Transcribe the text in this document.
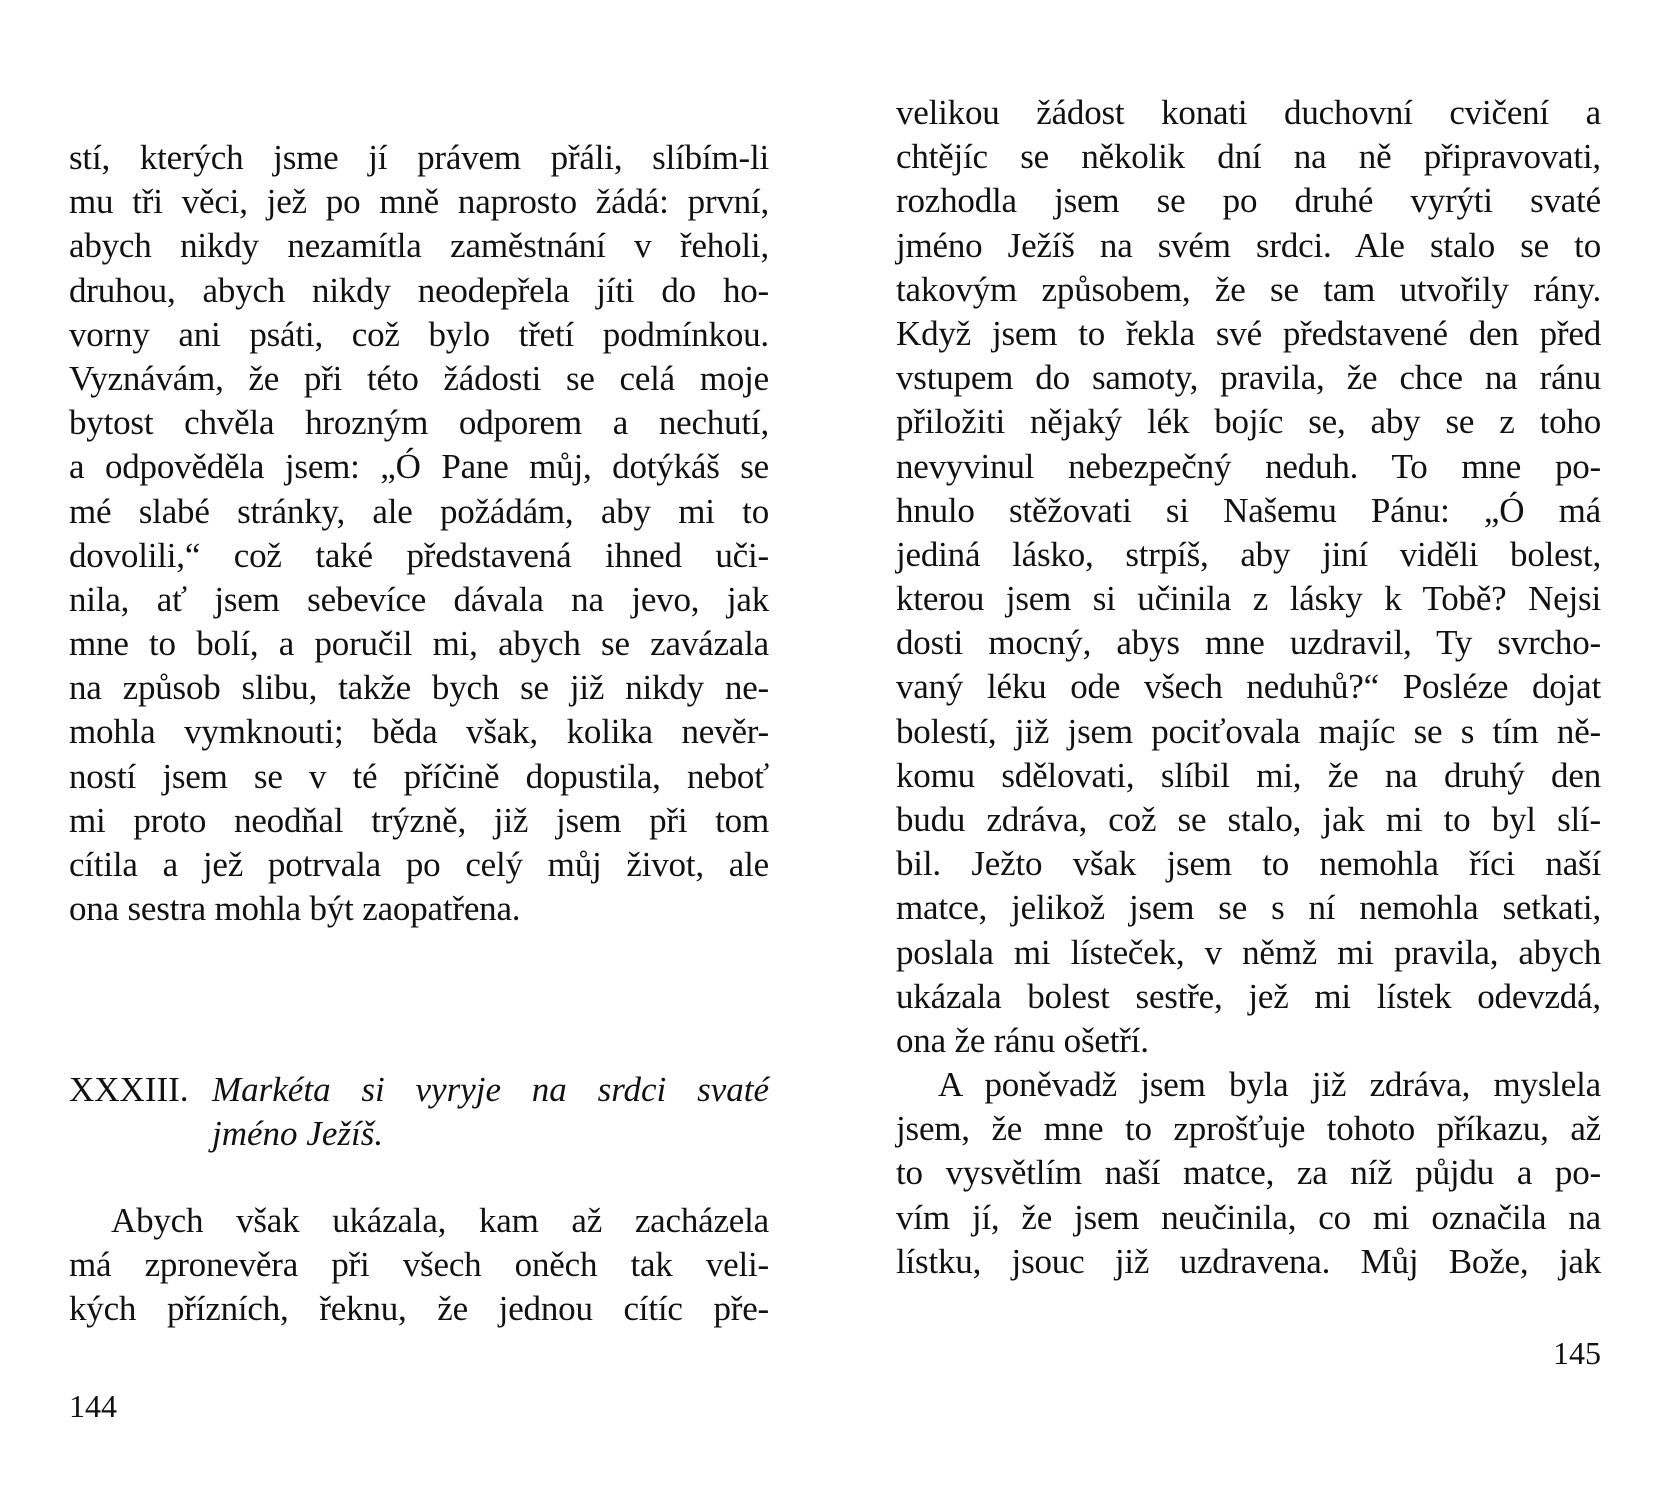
stí, kterých jsme jí právem přáli, slíbím-li
mu tři věci, jež po mně naprosto žádá: první,
abych nikdy nezamítla zaměstnání v řeholi,
druhou, abych nikdy neodepřela jíti do ho-
vorny ani psáti, což bylo třetí podmínkou.
Vyznávám, že při této žádosti se celá moje
bytost chvěla hrozným odporem a nechutí,
a odpověděla jsem: „Ó Pane můj, dotýkáš se
mé slabé stránky, ale požádám, aby mi to
dovolili,“ což také představená ihned uči-
nila, ať jsem sebevíce dávala na jevo, jak
mne to bolí, a poručil mi, abych se zavázala
na způsob slibu, takže bych se již nikdy ne-
mohla vymknouti; běda však, kolika nevěr-
ností jsem se v té příčině dopustila, neboť
mi proto neodňal trýzně, již jsem při tom
cítila a jež potrvala po celý můj život, ale
ona sestra mohla být zaopatřena.
XXXIII. Markéta si vyryje na srdci svaté
jméno Ježíš.
Abych však ukázala, kam až zacházela
má zpronevěra při všech oněch tak veli-
kých přízních, řeknu, že jednou cítíc pře-
144
velikou žádost konati duchovní cvičení a
chtějíc se několik dní na ně připravovati,
rozhodla jsem se po druhé vyrýti svaté
jméno Ježíš na svém srdci. Ale stalo se to
takovým způsobem, že se tam utvořily rány.
Když jsem to řekla své představené den před
vstupem do samoty, pravila, že chce na ránu
přiložiti nějaký lék bojíc se, aby se z toho
nevyvinul nebezpečný neduh. To mne po-
hnulo stěžovati si Našemu Pánu: „Ó má
jediná lásko, strpíš, aby jiní viděli bolest,
kterou jsem si učinila z lásky k Tobě? Nejsi
dosti mocný, abys mne uzdravil, Ty svrcho-
vaný léku ode všech neduhů?“ Posléze dojat
bolestí, již jsem pociťovala majíc se s tím ně-
komu sdělovati, slíbil mi, že na druhý den
budu zdráva, což se stalo, jak mi to byl slí-
bil. Ježto však jsem to nemohla říci naší
matce, jelikož jsem se s ní nemohla setkati,
poslala mi lísteček, v němž mi pravila, abych
ukázala bolest sestře, jež mi lístek odevzdá,
ona že ránu ošetří.
A poněvadž jsem byla již zdráva, myslela
jsem, že mne to zprošťuje tohoto příkazu, až
to vysvětlím naší matce, za níž půjdu a po-
vím jí, že jsem neučinila, co mi označila na
lístku, jsouc již uzdravena. Můj Bože, jak
145
